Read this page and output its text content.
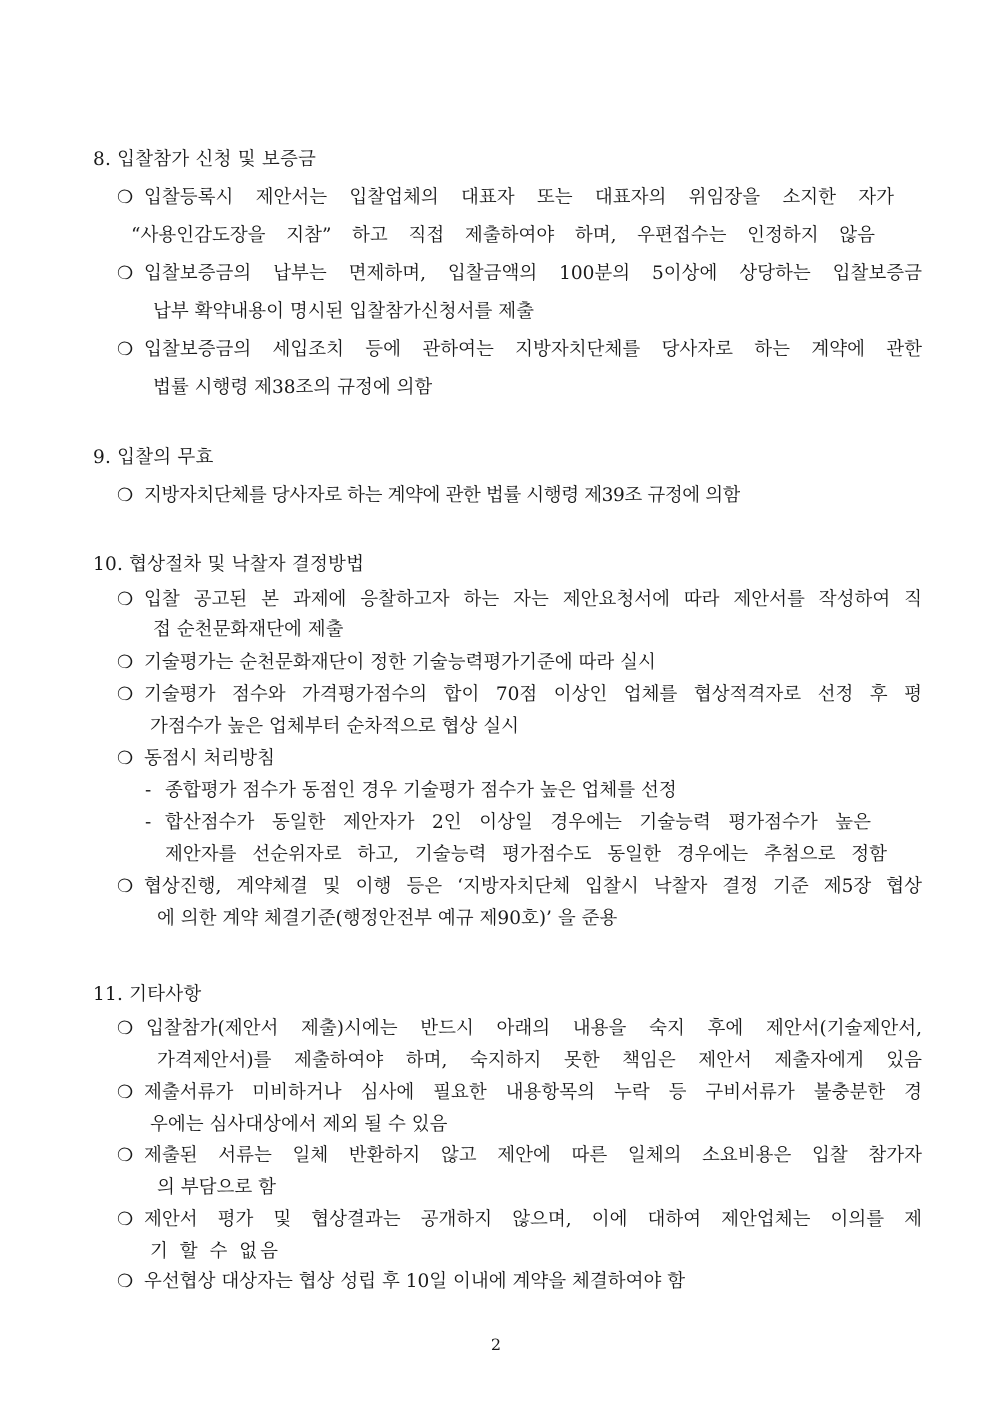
8. 입찰참가 신청 및 보증금
❍ 입찰등록시 제안서는 입찰업체의 대표자 또는 대표자의 위임장을 소지한 자가
“사용인감도장을 지참” 하고 직접 제출하여야 하며, 우편접수는 인정하지 않음
❍ 입찰보증금의 납부는 면제하며, 입찰금액의 100분의 5이상에 상당하는 입찰보증금
납부 확약내용이 명시된 입찰참가신청서를 제출
❍ 입찰보증금의 세입조치 등에 관하여는 지방자치단체를 당사자로 하는 계약에 관한
법률 시행령 제38조의 규정에 의함
9. 입찰의 무효
❍ 지방자치단체를 당사자로 하는 계약에 관한 법률 시행령 제39조 규정에 의함
10. 협상절차 및 낙찰자 결정방법
❍ 입찰 공고된 본 과제에 응찰하고자 하는 자는 제안요청서에 따라 제안서를 작성하여 직
접 순천문화재단에 제출
❍ 기술평가는 순천문화재단이 정한 기술능력평가기준에 따라 실시
❍ 기술평가 점수와 가격평가점수의 합이 70점 이상인 업체를 협상적격자로 선정 후 평
가점수가 높은 업체부터 순차적으로 협상 실시
❍ 동점시 처리방침
- 종합평가 점수가 동점인 경우 기술평가 점수가 높은 업체를 선정
- 합산점수가 동일한 제안자가 2인 이상일 경우에는 기술능력 평가점수가 높은
제안자를 선순위자로 하고, 기술능력 평가점수도 동일한 경우에는 추첨으로 정함
❍ 협상진행, 계약체결 및 이행 등은 ‘지방자치단체 입찰시 낙찰자 결정 기준 제5장 협상
에 의한 계약 체결기준(행정안전부 예규 제90호)’ 을 준용
11. 기타사항
❍ 입찰참가(제안서 제출)시에는 반드시 아래의 내용을 숙지 후에 제안서(기술제안서,
가격제안서)를 제출하여야 하며, 숙지하지 못한 책임은 제안서 제출자에게 있음
❍ 제출서류가 미비하거나 심사에 필요한 내용항목의 누락 등 구비서류가 불충분한 경
우에는 심사대상에서 제외 될 수 있음
❍ 제출된 서류는 일체 반환하지 않고 제안에 따른 일체의 소요비용은 입찰 참가자
의 부담으로 함
❍ 제안서 평가 및 협상결과는 공개하지 않으며, 이에 대하여 제안업체는 이의를 제
기 할 수 없음
❍ 우선협상 대상자는 협상 성립 후 10일 이내에 계약을 체결하여야 함
2
